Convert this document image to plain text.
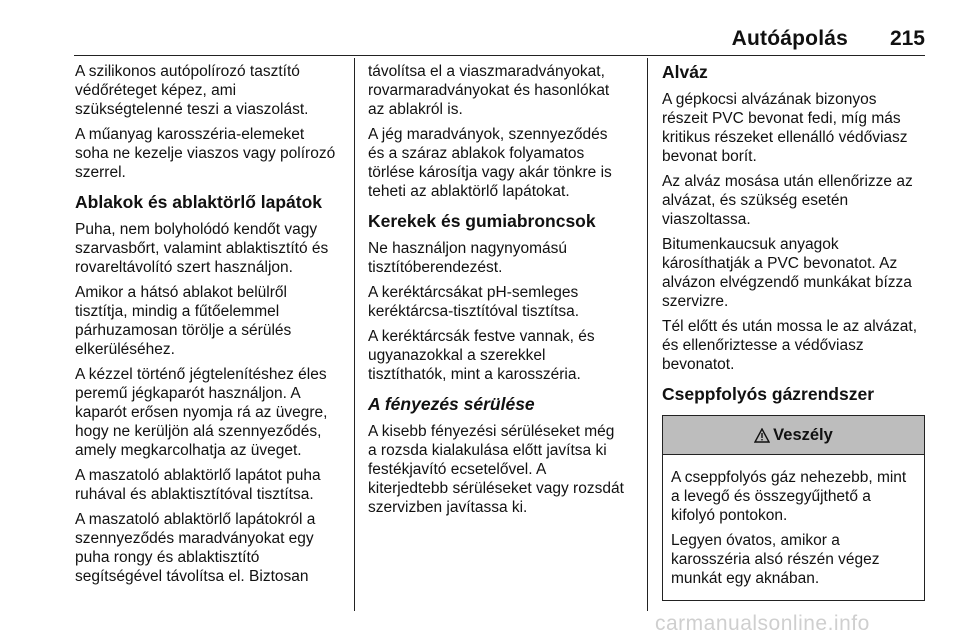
Autóápolás 215

A szilikonos autópolírozó tasztító
védőréteget képez, ami
szükségtelenné teszi a viaszolást.

A műanyag karosszéria-elemeket
soha ne kezelje viaszos vagy polírozó
szerrel.

Ablakok és ablaktörlő lapátok

Puha, nem bolyholódó kendőt vagy
szarvasbőrt, valamint ablaktisztító és
rovareltávolító szert használjon.

Amikor a hátsó ablakot belülről
tisztítja, mindig a fűtőelemmel
párhuzamosan törölje a sérülés
elkerüléséhez.

A kézzel történő jégtelenítéshez éles
peremű jégkaparót használjon. A
kaparót erősen nyomja rá az üvegre,
hogy ne kerüljön alá szennyeződés,
amely megkarcolhatja az üveget.

A maszatoló ablaktörlő lapátot puha
ruhával és ablaktisztítóval tisztítsa.

A maszatoló ablaktörlő lapátokról a
szennyeződés maradványokat egy
puha rongy és ablaktisztító
segítségével távolítsa el. Biztosan

távolítsa el a viaszmaradványokat,
rovarmaradványokat és hasonlókat
az ablakról is.

A jég maradványok, szennyeződés
és a száraz ablakok folyamatos
törlése károsítja vagy akár tönkre is
teheti az ablaktörlő lapátokat.

Kerekek és gumiabroncsok

Ne használjon nagynyomású
tisztítóberendezést.

A keréktárcsákat pH-semleges
keréktárcsa-tisztítóval tisztítsa.

A keréktárcsák festve vannak, és
ugyanazokkal a szerekkel
tisztíthatók, mint a karosszéria.

A fényezés sérülése

A kisebb fényezési sérüléseket még
a rozsda kialakulása előtt javítsa ki
festékjavító ecsetelővel. A
kiterjedtebb sérüléseket vagy rozsdát
szervizben javítassa ki.

Alváz

A gépkocsi alvázának bizonyos
részeit PVC bevonat fedi, míg más
kritikus részeket ellenálló védőviasz
bevonat borít.

Az alváz mosása után ellenőrizze az
alvázat, és szükség esetén
viaszoltassa.

Bitumenkaucsuk anyagok
károsíthatják a PVC bevonatot. Az
alvázon elvégzendő munkákat bízza
szervizre.

Tél előtt és után mossa le az alvázat,
és ellenőriztesse a védőviasz
bevonatot.

Cseppfolyós gázrendszer
Veszély

A cseppfolyós gáz nehezebb, mint
a levegő és összegyűjthető a
kifolyó pontokon.

Legyen óvatos, amikor a
karosszéria alsó részén végez
munkát egy aknában.

carmanualsonline.info
